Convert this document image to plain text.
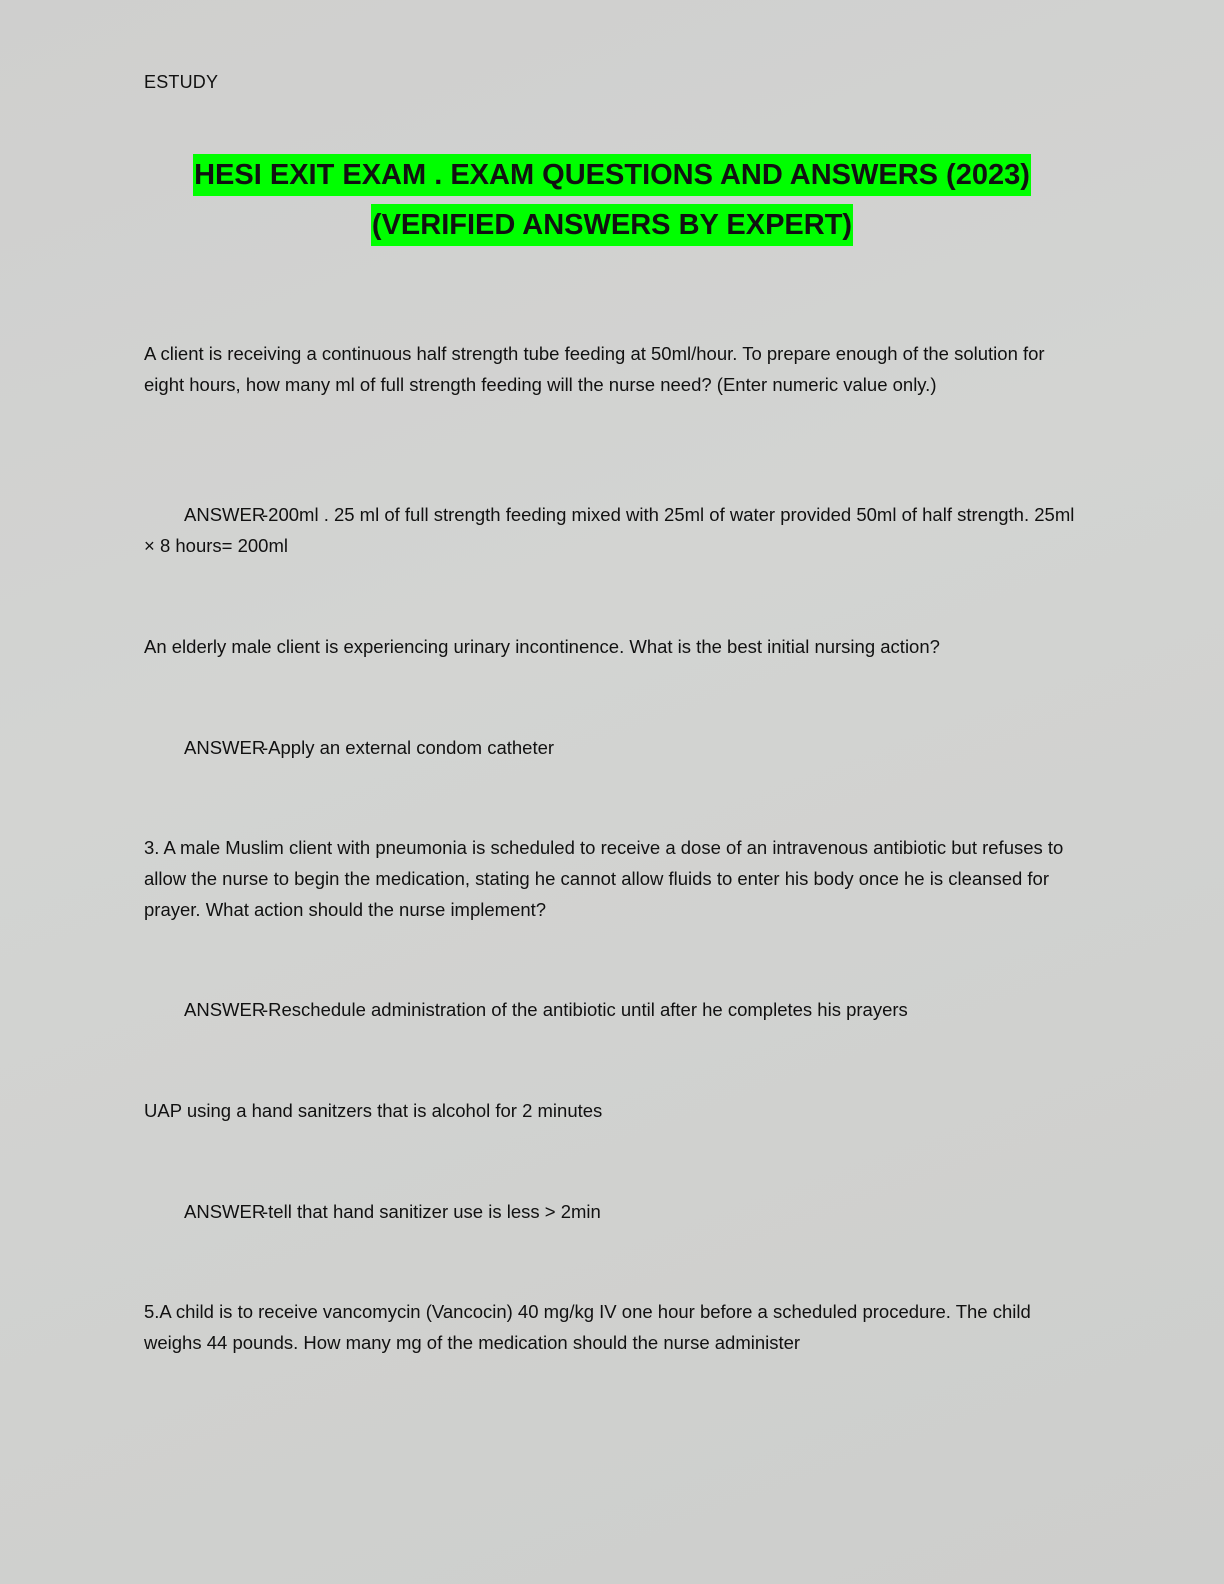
ESTUDY
HESI EXIT EXAM . EXAM QUESTIONS AND ANSWERS (2023)
(VERIFIED ANSWERS BY EXPERT)
A client is receiving a continuous half strength tube feeding at 50ml/hour. To prepare enough of the solution for eight hours, how many ml of full strength feeding will the nurse need? (Enter numeric value only.)
ANSWER-200ml . 25 ml of full strength feeding mixed with 25ml of water provided 50ml of half strength. 25ml × 8 hours= 200ml
An elderly male client is experiencing urinary incontinence. What is the best initial nursing action?
ANSWER-Apply an external condom catheter
3. A male Muslim client with pneumonia is scheduled to receive a dose of an intravenous antibiotic but refuses to allow the nurse to begin the medication, stating he cannot allow fluids to enter his body once he is cleansed for prayer. What action should the nurse implement?
ANSWER-Reschedule administration of the antibiotic until after he completes his prayers
UAP using a hand sanitzers that is alcohol for 2 minutes
ANSWER-tell that hand sanitizer use is less > 2min
5.A child is to receive vancomycin (Vancocin) 40 mg/kg IV one hour before a scheduled procedure. The child weighs 44 pounds. How many mg of the medication should the nurse administer
